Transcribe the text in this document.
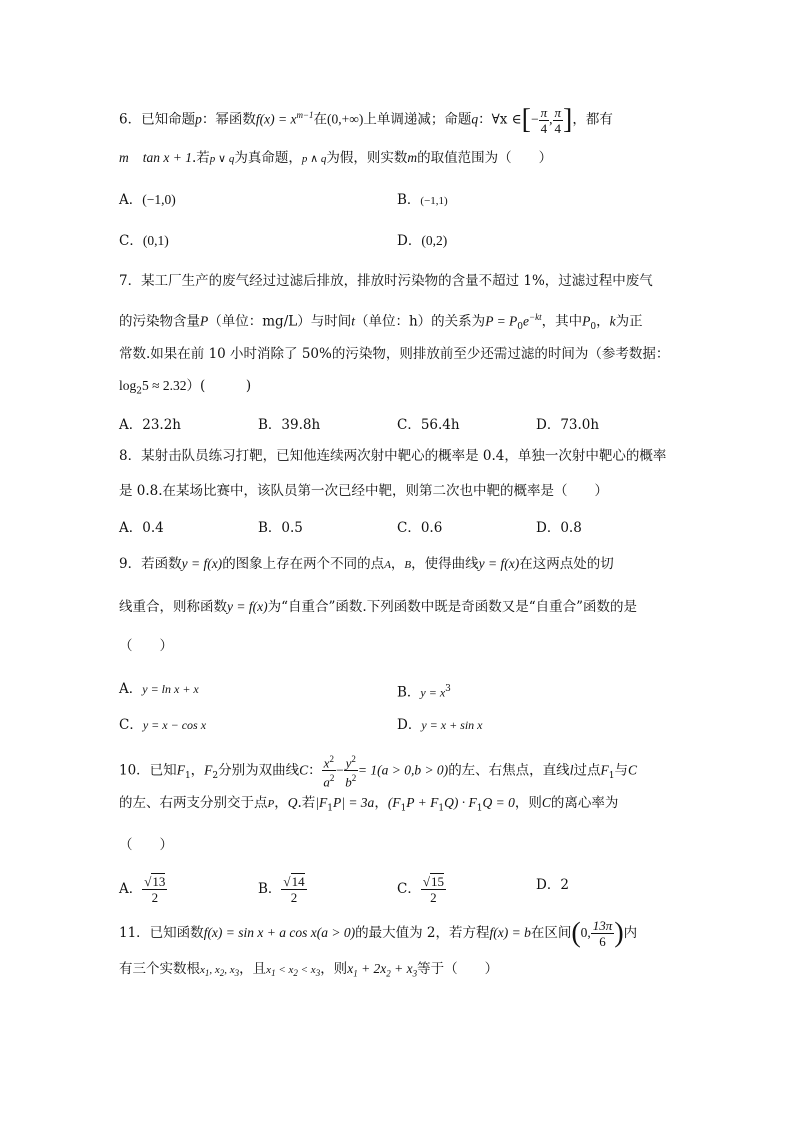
6．已知命题p：幂函数$f(x) = x^{m-1}$在(0,+∞)上单调递减；命题q：∀x ∈[− $\frac{\pi}{4}$ , $\frac{\pi}{4}$ ]，都有
m tan x + 1.若p ∨ q为真命题，p ∧ q为假，则实数m的取值范围为（　　）
A．(−1,0)	B．(−1,1)
C．(0,1)	D．(0,2)
7．某工厂生产的废气经过过滤后排放，排放时污染物的含量不超过 1%，过滤过程中废气
的污染物含量P（单位：mg/L）与时间t（单位：h）的关系为$P = P_0e^{-kt}$，其中$P_0$，k为正
常数.如果在前 10 小时消除了 50%的污染物，则排放前至少还需过滤的时间为（参考数据：
$\log_25 \approx 2.32$）(　　　)
A．23.2h	B．39.8h	C．56.4h	D．73.0h
8．某射击队员练习打靶，已知他连续两次射中靶心的概率是 0.4，单独一次射中靶心的概率
是 0.8.在某场比赛中，该队员第一次已经中靶，则第二次也中靶的概率是（　　）
A．0.4	B．0.5	C．0.6	D．0.8
9．若函数y = f(x)的图象上存在两个不同的点A，B，使得曲线y = f(x)在这两点处的切
线重合，则称函数y = f(x)为“自重合”函数.下列函数中既是奇函数又是“自重合”函数的是
（　　）
A．y = ln x + x	B．$y = x^3$
C．y = x − cos x	D．y = x + sin x
10．已知$F_1$，$F_2$分别为双曲线C： $\frac{x^2}{a^2} - \frac{y^2}{b^2} = 1(a > 0,b > 0)$的左、右焦点，直线l过点$F_1$与C
的左、右两支分别交于点P，Q.若$|F_1P| = 3a$，$(F_1P + F_1Q) \cdot F_1Q = 0$，则C的离心率为
（　　）
A． $\frac{√13}{2}$	B． $\frac{√14}{2}$	C． $\frac{√15}{2}$	D．2
11．已知函数f(x) = sin x + a cos x(a > 0)的最大值为 2，若方程f(x) = b在区间(0, $\frac{13\pi}{6}$ )内
有三个实数根$x_1$, $x_2$, $x_3$，且$x_1 < x_2 < x_3$，则$x_1 + 2x_2 + x_3$等于（　　）
